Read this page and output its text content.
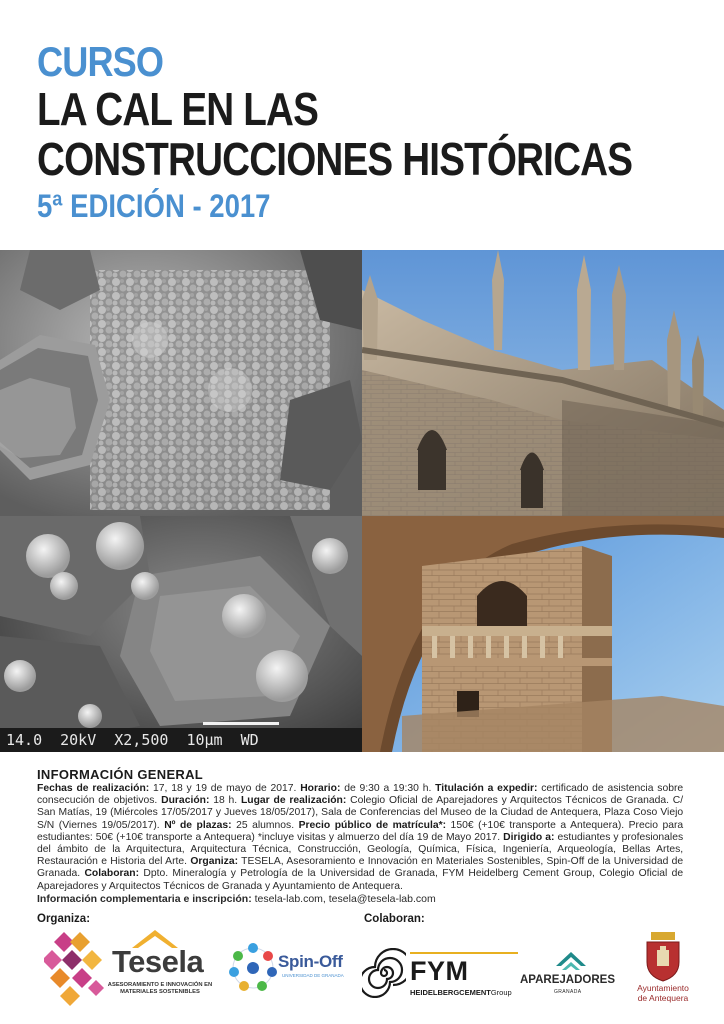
CURSO
LA CAL EN LAS
CONSTRUCCIONES HISTÓRICAS
5ª EDICIÓN - 2017
14.0 20kV X2,500 10µm WD
INFORMACIÓN GENERAL
Fechas de realización: 17, 18 y 19 de mayo de 2017. Horario: de 9:30 a 19:30 h. Titulación a expedir: certificado de asistencia sobre consecución de objetivos. Duración: 18 h. Lugar de realización: Colegio Oficial de Aparejadores y Arquitectos Técnicos de Granada. C/ San Matías, 19 (Miércoles 17/05/2017 y Jueves 18/05/2017), Sala de Conferencias del Museo de la Ciudad de Antequera, Plaza Coso Viejo S/N (Viernes 19/05/2017). Nº de plazas: 25 alumnos. Precio público de matrícula*: 150€ (+10€ transporte a Antequera). Precio para estudiantes: 50€ (+10€ transporte a Antequera) *incluye visitas y almuerzo del día 19 de Mayo 2017. Dirigido a: estudiantes y profesionales del ámbito de la Arquitectura, Arquitectura Técnica, Construcción, Geología, Química, Física, Ingeniería, Arqueología, Bellas Artes, Restauración e Historia del Arte. Organiza: TESELA, Asesoramiento e Innovación en Materiales Sostenibles, Spin-Off de la Universidad de Granada. Colaboran: Dpto. Mineralogía y Petrología de la Universidad de Granada, FYM Heidelberg Cement Group, Colegio Oficial de Aparejadores y Arquitectos Técnicos de Granada y Ayuntamiento de Antequera.
Información complementaria e inscripción: tesela-lab.com, tesela@tesela-lab.com
Organiza:	Colaboran:
Tesela
ASESORAMIENTO E INNOVACIÓN EN MATERIALES SOSTENIBLES
Spin-Off
UNIVERSIDAD DE GRANADA FYM
HEIDELBERGCEMENTGroup
APAREJADORES
GRANADA	Ayuntamiento
de Antequera
